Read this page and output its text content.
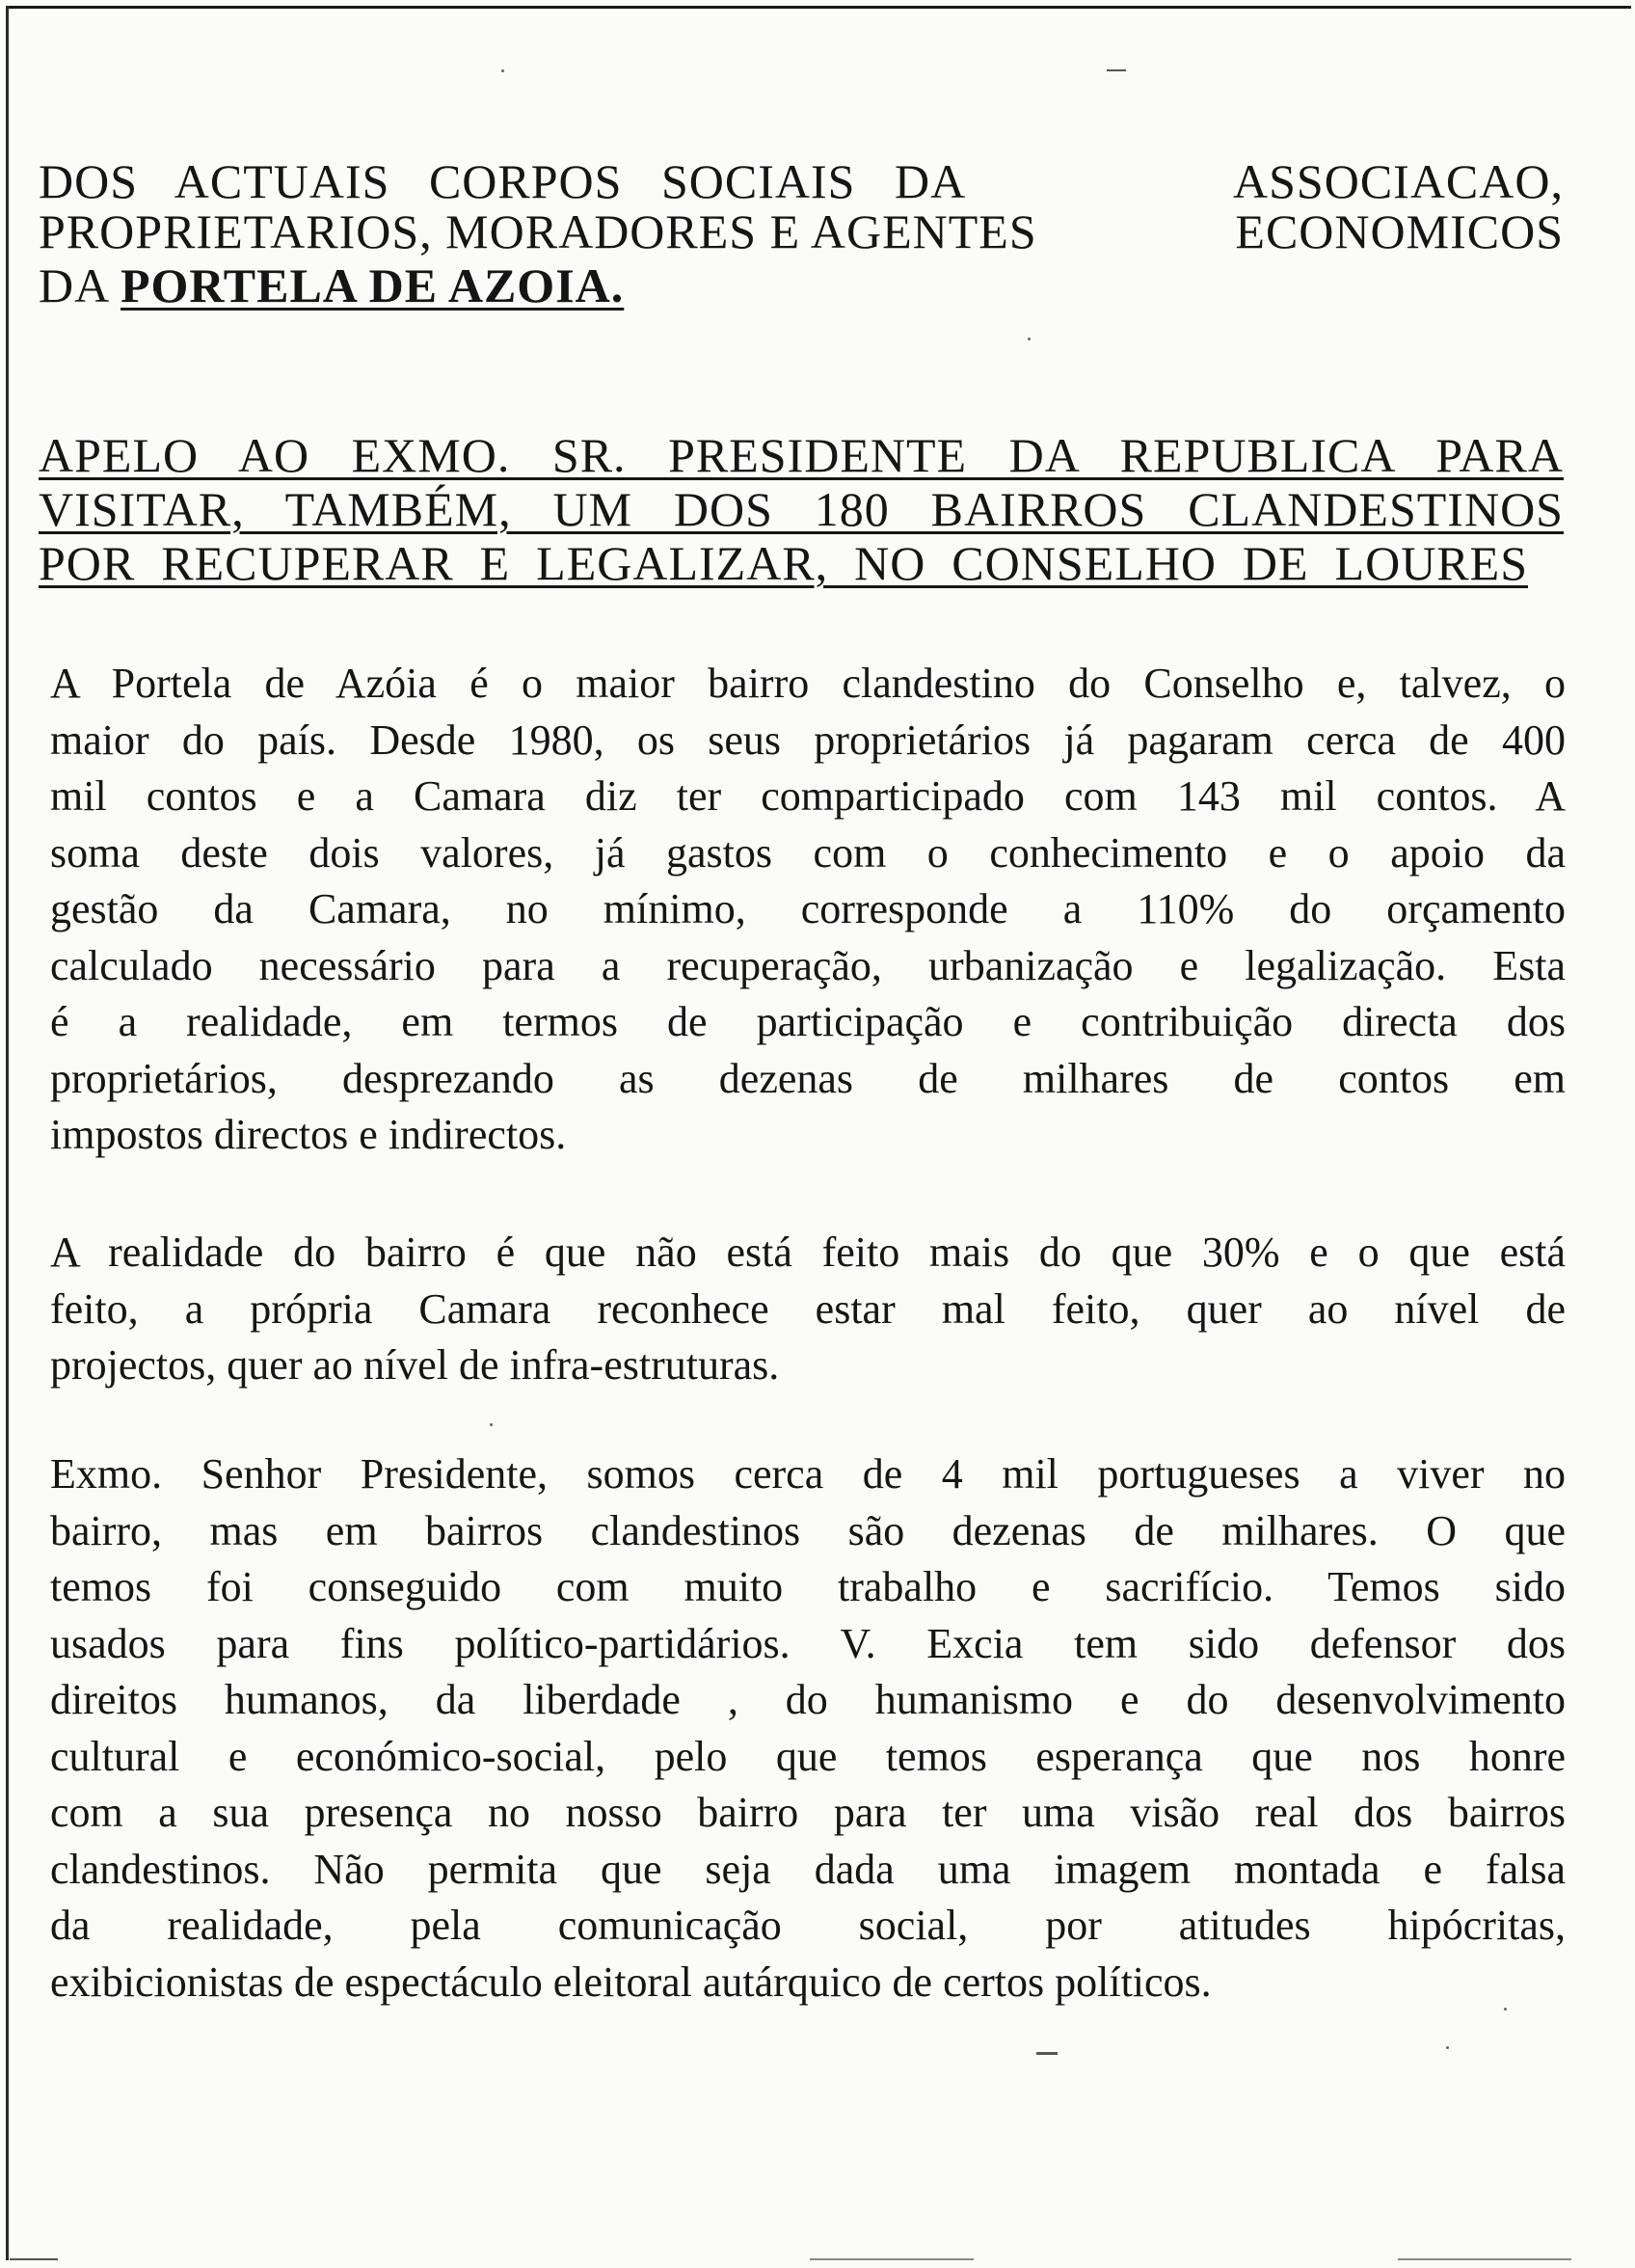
DOS   ACTUAIS   CORPOS   SOCIAIS   DA	ASSOCIACAO,
PROPRIETARIOS, MORADORES E AGENTES	ECONOMICOS
DA PORTELA DE AZOIA.
APELO AO EXMO. SR. PRESIDENTE DA REPUBLICA PARA
VISITAR, TAMBÉM, UM DOS 180 BAIRROS CLANDESTINOS
POR RECUPERAR E LEGALIZAR, NO CONSELHO DE LOURES
A Portela de Azóia é o maior bairro clandestino do Conselho e, talvez, o
maior do país. Desde 1980, os seus proprietários já pagaram cerca de 400
mil contos e a Camara diz ter comparticipado com 143 mil contos. A
soma deste dois valores, já gastos com o conhecimento e o apoio da
gestão da Camara, no mínimo, corresponde a 110% do orçamento
calculado necessário para a recuperação, urbanização e legalização. Esta
é a realidade, em termos de participação e contribuição directa dos
proprietários, desprezando as dezenas de milhares de contos em
impostos directos e indirectos.
A realidade do bairro é que não está feito mais do que 30% e o que está
feito, a própria Camara reconhece estar mal feito, quer ao nível de
projectos, quer ao nível de infra-estruturas.
Exmo. Senhor Presidente, somos cerca de 4 mil portugueses a viver no
bairro, mas em bairros clandestinos são dezenas de milhares. O que
temos foi conseguido com muito trabalho e sacrifício. Temos sido
usados para fins político-partidários. V. Excia tem sido defensor dos
direitos humanos, da liberdade , do humanismo e do desenvolvimento
cultural e económico-social, pelo que temos esperança que nos honre
com a sua presença no nosso bairro para ter uma visão real dos bairros
clandestinos. Não permita que seja dada uma imagem montada e falsa
da realidade, pela comunicação social, por atitudes hipócritas,
exibicionistas de espectáculo eleitoral autárquico de certos políticos.
